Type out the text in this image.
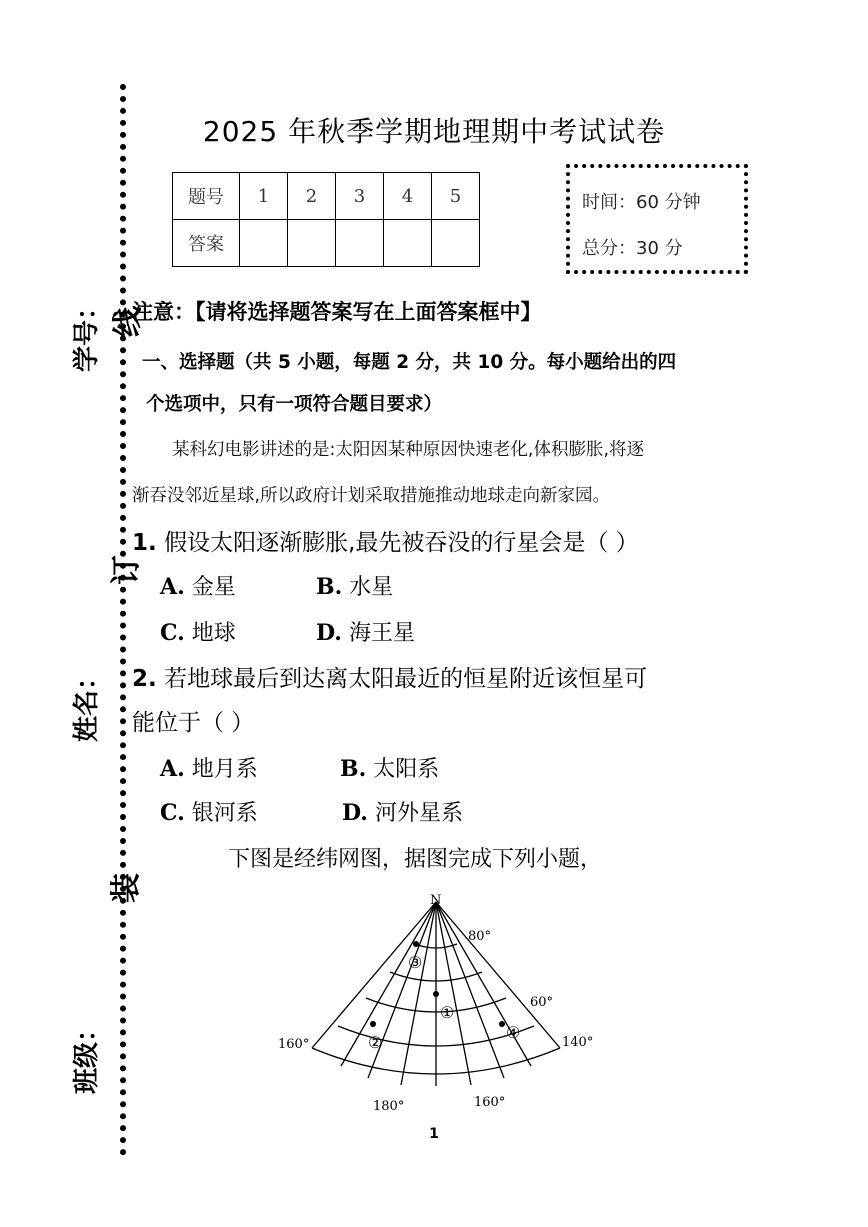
学号：
姓名：
班级：
线
订
装
2025 年秋季学期地理期中考试试卷
题号	1	2	3	4	5
答案					
时间：60 分钟
总分：30 分
注意：【请将选择题答案写在上面答案框中】
一、选择题（共 5 小题，每题 2 分，共 10 分。每小题给出的四
个选项中，只有一项符合题目要求）
某科幻电影讲述的是:太阳因某种原因快速老化,体积膨胀,将逐
渐吞没邻近星球,所以政府计划采取措施推动地球走向新家园。
1. 假设太阳逐渐膨胀,最先被吞没的行星会是（ ）
A. 金星	B. 水星
C. 地球	D. 海王星
2. 若地球最后到达离太阳最近的恒星附近该恒星可
能位于（ ）
A. 地月系	B. 太阳系
C. 银河系	D. 河外星系
下图是经纬网图，据图完成下列小题，
N
80°
60°
160°	140°
180°	160°
①
②
③
④
1
